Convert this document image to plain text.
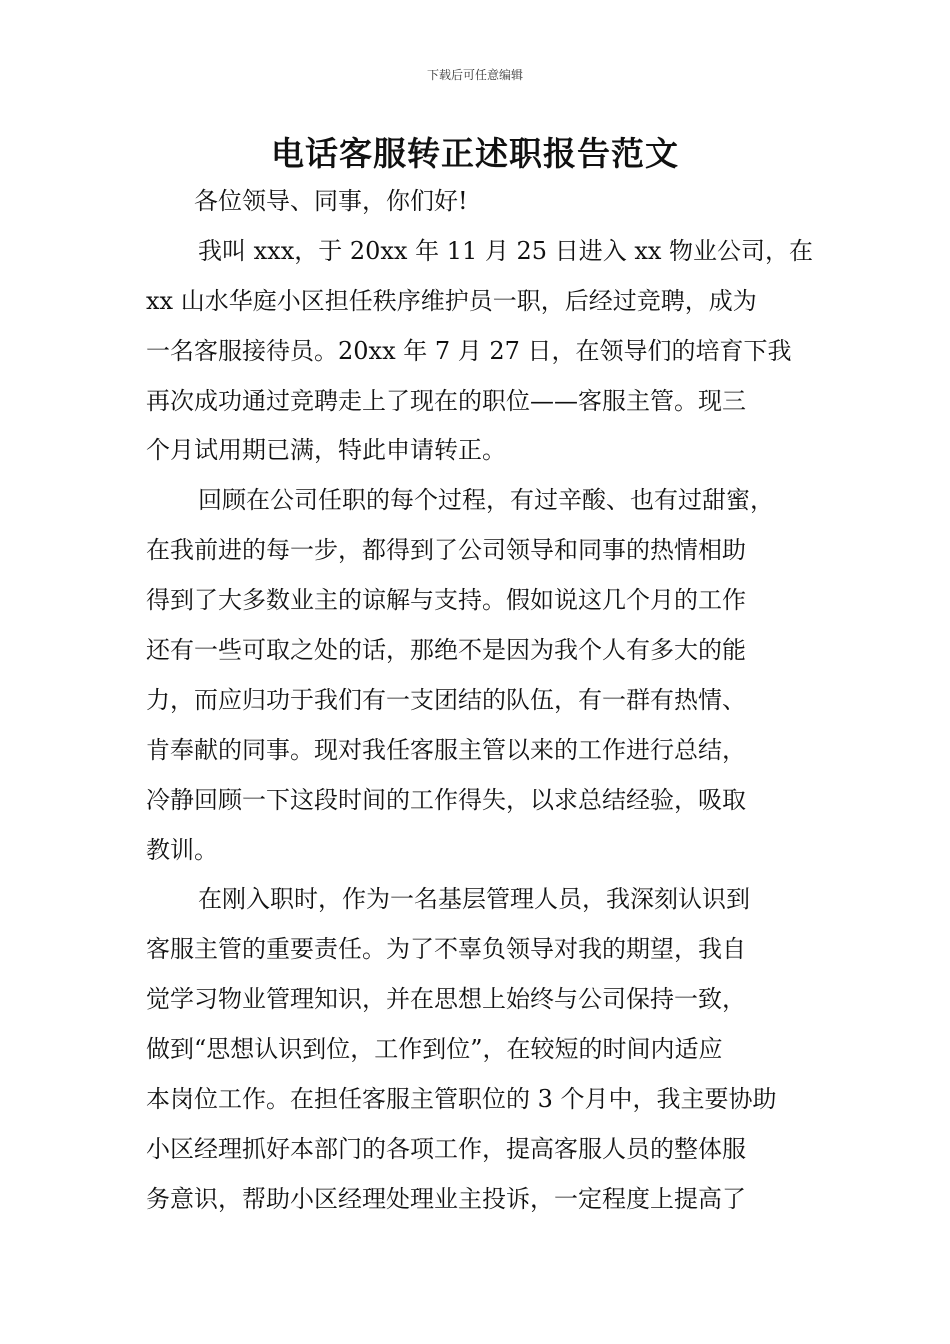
下载后可任意编辑
电话客服转正述职报告范文
各位领导、同事，你们好!
我叫 xxx，于 20xx 年 11 月 25 日进入 xx 物业公司，在
xx 山水华庭小区担任秩序维护员一职，后经过竞聘，成为
一名客服接待员。20xx 年 7 月 27 日，在领导们的培育下我
再次成功通过竞聘走上了现在的职位——客服主管。现三
个月试用期已满，特此申请转正。
回顾在公司任职的每个过程，有过辛酸、也有过甜蜜，
在我前进的每一步，都得到了公司领导和同事的热情相助
得到了大多数业主的谅解与支持。假如说这几个月的工作
还有一些可取之处的话，那绝不是因为我个人有多大的能
力，而应归功于我们有一支团结的队伍，有一群有热情、
肯奉献的同事。现对我任客服主管以来的工作进行总结，
冷静回顾一下这段时间的工作得失，以求总结经验，吸取
教训。
在刚入职时，作为一名基层管理人员，我深刻认识到
客服主管的重要责任。为了不辜负领导对我的期望，我自
觉学习物业管理知识，并在思想上始终与公司保持一致，
做到“思想认识到位，工作到位”，在较短的时间内适应
本岗位工作。在担任客服主管职位的 3 个月中，我主要协助
小区经理抓好本部门的各项工作，提高客服人员的整体服
务意识，帮助小区经理处理业主投诉，一定程度上提高了
